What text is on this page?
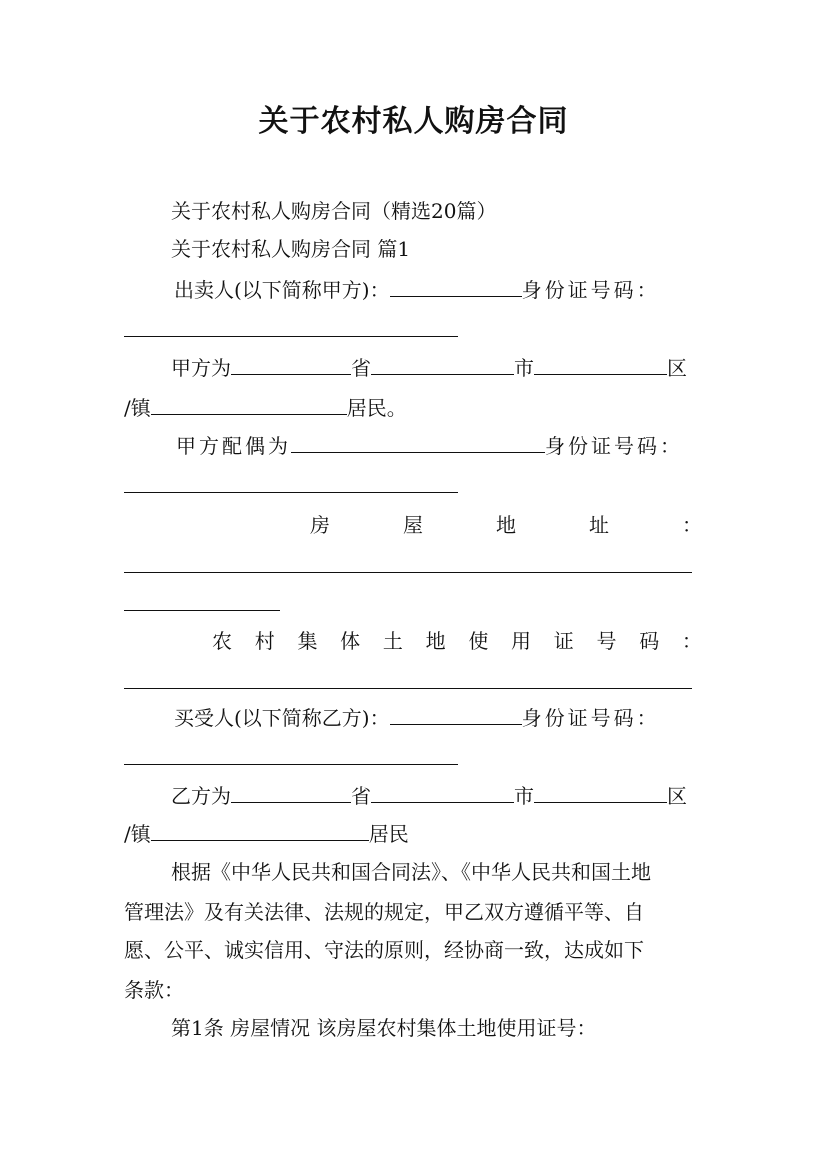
关于农村私人购房合同
关于农村私人购房合同（精选20篇）
关于农村私人购房合同 篇1
出卖人(以下简称甲方)：	身份证号码：
甲方为	省	市	区
/镇	居民。
甲方配偶为	身份证号码：
房	屋	地	址	：
农 村 集 体 土 地 使 用 证 号 码 ：
买受人(以下简称乙方)：	身份证号码：
乙方为	省	市	区
/镇	居民
根据《中华人民共和国合同法》、《中华人民共和国土地
管理法》及有关法律、法规的规定，甲乙双方遵循平等、自
愿、公平、诚实信用、守法的原则，经协商一致，达成如下
条款：
第1条 房屋情况 该房屋农村集体土地使用证号：
